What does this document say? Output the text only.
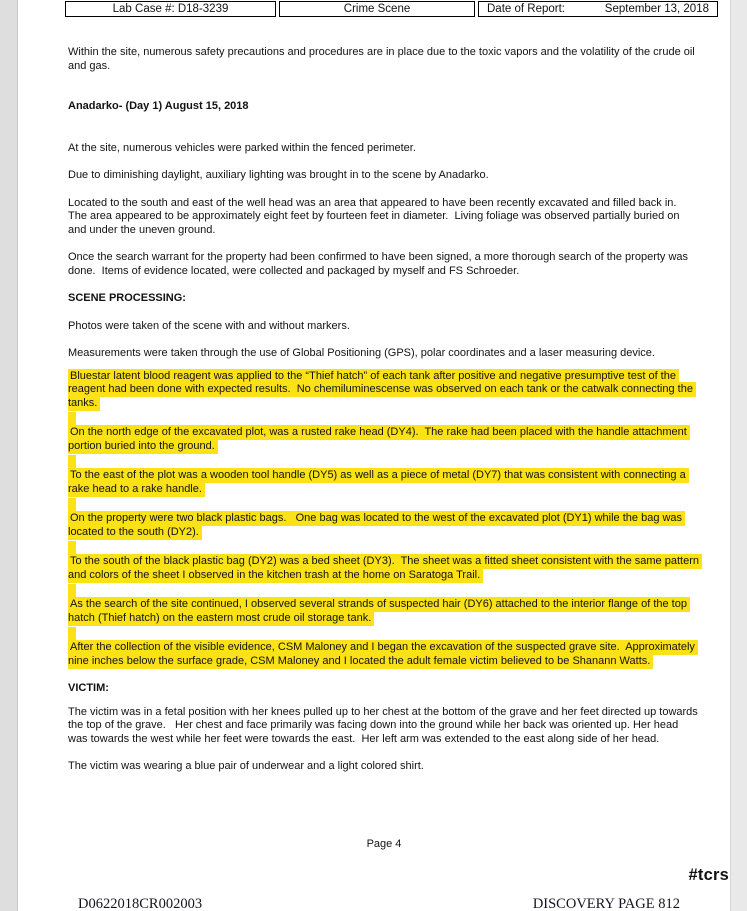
Lab Case #: D18-3239	Crime Scene	Date of Report:	September 13, 2018

Within the site, numerous safety precautions and procedures are in place due to the toxic vapors and the volatility of the crude oil and gas.

Anadarko- (Day 1) August 15, 2018

At the site, numerous vehicles were parked within the fenced perimeter.

Due to diminishing daylight, auxiliary lighting was brought in to the scene by Anadarko.

Located to the south and east of the well head was an area that appeared to have been recently excavated and filled back in.  The area appeared to be approximately eight feet by fourteen feet in diameter.  Living foliage was observed partially buried on and under the uneven ground.

Once the search warrant for the property had been confirmed to have been signed, a more thorough search of the property was done.  Items of evidence located, were collected and packaged by myself and FS Schroeder.

SCENE PROCESSING:

Photos were taken of the scene with and without markers.

Measurements were taken through the use of Global Positioning (GPS), polar coordinates and a laser measuring device.

Bluestar latent blood reagent was applied to the “Thief hatch” of each tank after positive and negative presumptive test of the reagent had been done with expected results.  No chemiluminescense was observed on each tank or the catwalk connecting the tanks.

On the north edge of the excavated plot, was a rusted rake head (DY4).  The rake had been placed with the handle attachment portion buried into the ground.

To the east of the plot was a wooden tool handle (DY5) as well as a piece of metal (DY7) that was consistent with connecting a rake head to a rake handle.

On the property were two black plastic bags.   One bag was located to the west of the excavated plot (DY1) while the bag was located to the south (DY2).

To the south of the black plastic bag (DY2) was a bed sheet (DY3).  The sheet was a fitted sheet consistent with the same pattern and colors of the sheet I observed in the kitchen trash at the home on Saratoga Trail.

As the search of the site continued, I observed several strands of suspected hair (DY6) attached to the interior flange of the top hatch (Thief hatch) on the eastern most crude oil storage tank.

After the collection of the visible evidence, CSM Maloney and I began the excavation of the suspected grave site.  Approximately nine inches below the surface grade, CSM Maloney and I located the adult female victim believed to be Shanann Watts.

VICTIM:

The victim was in a fetal position with her knees pulled up to her chest at the bottom of the grave and her feet directed up towards the top of the grave.   Her chest and face primarily was facing down into the ground while her back was oriented up. Her head was towards the west while her feet were towards the east.  Her left arm was extended to the east along side of her head.

The victim was wearing a blue pair of underwear and a light colored shirt.

Page 4
#tcrs
D0622018CR002003	DISCOVERY PAGE 812
